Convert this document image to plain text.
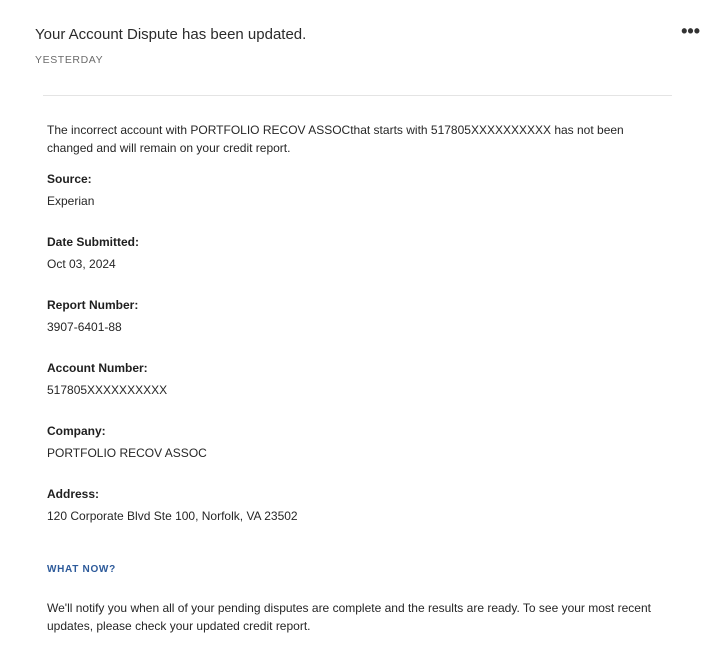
Your Account Dispute has been updated.
YESTERDAY
•••

The incorrect account with PORTFOLIO RECOV ASSOCthat starts with 517805XXXXXXXXXX has not been changed and will remain on your credit report.

Source:
Experian
Date Submitted:
Oct 03, 2024
Report Number:
3907-6401-88
Account Number:
517805XXXXXXXXXX
Company:
PORTFOLIO RECOV ASSOC
Address:
120 Corporate Blvd Ste 100, Norfolk, VA 23502
WHAT NOW?
We'll notify you when all of your pending disputes are complete and the results are ready. To see your most recent updates, please check your updated credit report.
